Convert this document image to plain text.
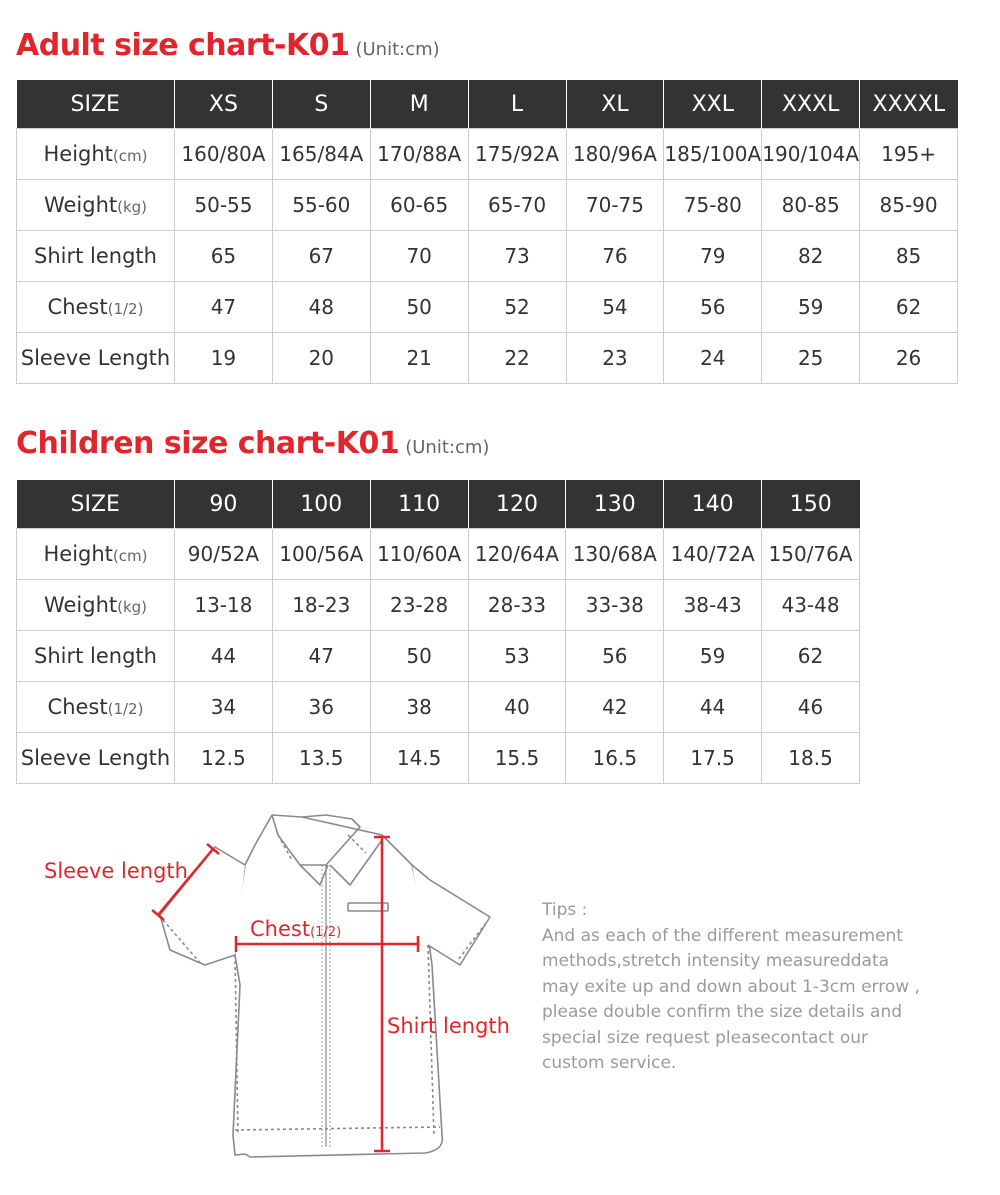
Adult size chart-K01 (Unit:cm)
SIZE	XS	S	M	L	XL	XXL	XXXL	XXXXL
Height(cm)	160/80A	165/84A	170/88A	175/92A	180/96A	185/100A	190/104A	195+
Weight(kg)	50-55	55-60	60-65	65-70	70-75	75-80	80-85	85-90
Shirt length	65	67	70	73	76	79	82	85
Chest(1/2)	47	48	50	52	54	56	59	62
Sleeve Length	19	20	21	22	23	24	25	26
Children size chart-K01 (Unit:cm)
SIZE	90	100	110	120	130	140	150
Height(cm)	90/52A	100/56A	110/60A	120/64A	130/68A	140/72A	150/76A
Weight(kg)	13-18	18-23	23-28	28-33	33-38	38-43	43-48
Shirt length	44	47	50	53	56	59	62
Chest(1/2)	34	36	38	40	42	44	46
Sleeve Length	12.5	13.5	14.5	15.5	16.5	17.5	18.5
Sleeve length
Chest(1/2)
Shirt length

Tips :

And as each of the different measurement

methods,stretch intensity measureddata

may exite up and down about 1-3cm errow ,

please double confirm the size details and

special size request pleasecontact our

custom service.
